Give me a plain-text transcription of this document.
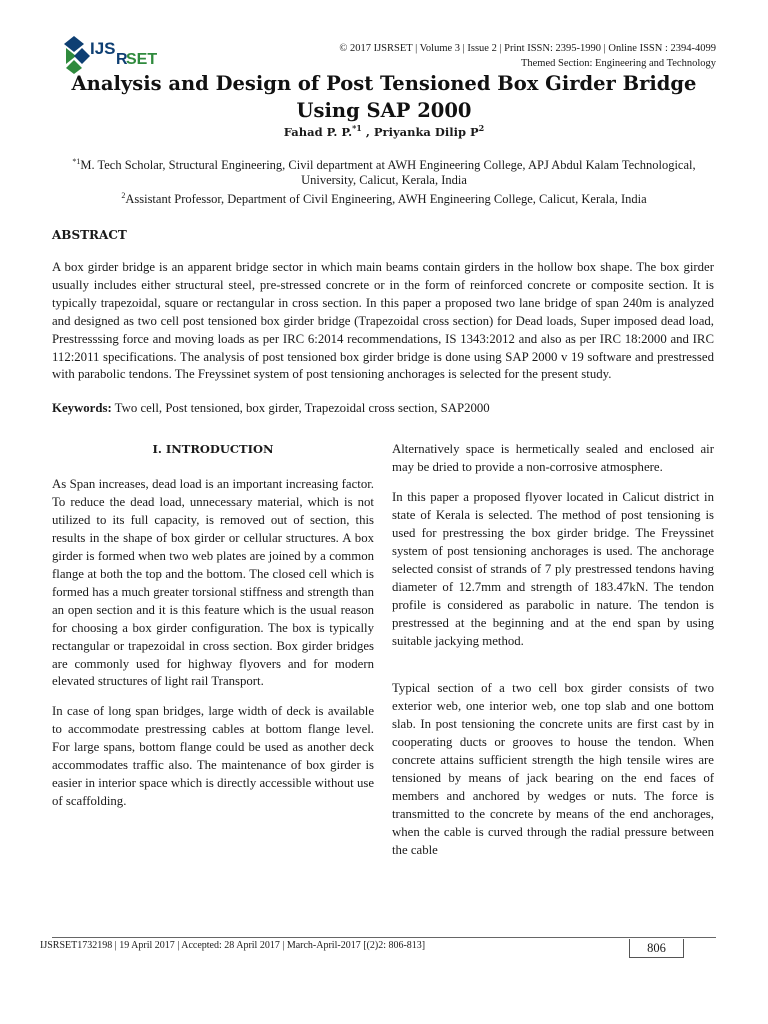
IJS
R
SET
© 2017 IJSRSET | Volume 3 | Issue 2 | Print ISSN: 2395-1990 | Online ISSN : 2394-4099
Themed Section: Engineering and Technology
Analysis and Design of Post Tensioned Box Girder Bridge Using SAP 2000
Fahad P. P.$^{*1}$ , Priyanka Dilip $P^2$
$^{*1}$M. Tech Scholar, Structural Engineering, Civil department at AWH Engineering College, APJ Abdul Kalam Technological, University, Calicut, Kerala, India
$^2$Assistant Professor, Department of Civil Engineering, AWH Engineering College, Calicut, Kerala, India
ABSTRACT

A box girder bridge is an apparent bridge sector in which main beams contain girders in the hollow box shape. The box girder usually includes either structural steel, pre-stressed concrete or in the form of reinforced concrete or composite section. It is typically trapezoidal, square or rectangular in cross section. In this paper a proposed two lane bridge of span 240m is analyzed and designed as two cell post tensioned box girder bridge (Trapezoidal cross section) for Dead loads, Super imposed dead load, Prestresssing force and moving loads as per IRC 6:2014 recommendations, IS 1343:2012 and also as per IRC 18:2000 and IRC 112:2011 specifications. The analysis of post tensioned box girder bridge is done using SAP 2000 v 19 software and prestressed with parabolic tendons. The Freyssinet system of post tensioning anchorages is selected for the present study.

Keywords: Two cell, Post tensioned, box girder, Trapezoidal cross section, SAP2000

I. INTRODUCTION

As Span increases, dead load is an important increasing factor. To reduce the dead load, unnecessary material, which is not utilized to its full capacity, is removed out of section, this results in the shape of box girder or cellular structures. A box girder is formed when two web plates are joined by a common flange at both the top and the bottom. The closed cell which is formed has a much greater torsional stiffness and strength than an open section and it is this feature which is the usual reason for choosing a box girder configuration. The box is typically rectangular or trapezoidal in cross section. Box girder bridges are commonly used for highway flyovers and for modern elevated structures of light rail Transport.

In case of long span bridges, large width of deck is available to accommodate prestressing cables at bottom flange level. For large spans, bottom flange could be used as another deck accommodates traffic also. The maintenance of box girder is easier in interior space which is directly accessible without use of scaffolding.

Alternatively space is hermetically sealed and enclosed air may be dried to provide a non-corrosive atmosphere.

In this paper a proposed flyover located in Calicut district in state of Kerala is selected. The method of post tensioning is used for prestressing the box girder bridge. The Freyssinet system of post tensioning anchorages is used. The anchorage selected consist of strands of 7 ply prestressed tendons having diameter of 12.7mm and strength of 183.47kN. The tendon profile is considered as parabolic in nature. The tendon is prestressed at the beginning and at the end span by using suitable jackying method.

Typical section of a two cell box girder consists of two exterior web, one interior web, one top slab and one bottom slab. In post tensioning the concrete units are first cast by in cooperating ducts or grooves to house the tendon. When concrete attains sufficient strength the high tensile wires are tensioned by means of jack bearing on the end faces of members and anchored by wedges or nuts. The force is transmitted to the concrete by means of the end anchorages, when the cable is curved through the radial pressure between the cable

IJSRSET1732198 | 19 April 2017 | Accepted: 28 April 2017 | March-April-2017 [(2)2: 806-813]	806
